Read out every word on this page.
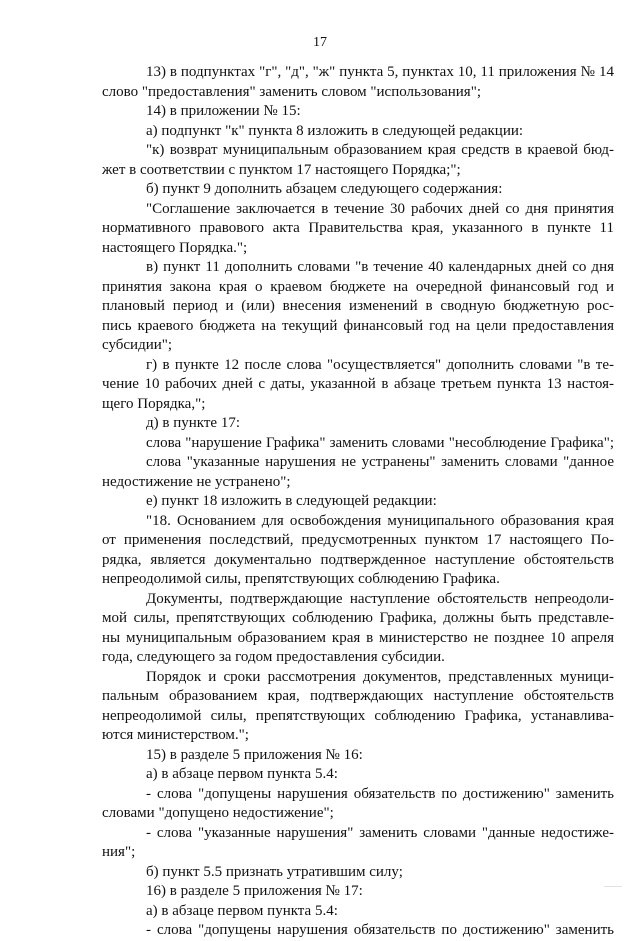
17
13) в подпунктах "г", "д", "ж" пункта 5, пунктах 10, 11 приложения № 14
слово "предоставления" заменить словом "использования";
14) в приложении № 15:
а) подпункт "к" пункта 8 изложить в следующей редакции:
"к) возврат муниципальным образованием края средств в краевой бюд-
жет в соответствии с пунктом 17 настоящего Порядка;";
б) пункт 9 дополнить абзацем следующего содержания:
"Соглашение заключается в течение 30 рабочих дней со дня принятия
нормативного правового акта Правительства края, указанного в пункте 11
настоящего Порядка.";
в) пункт 11 дополнить словами "в течение 40 календарных дней со дня
принятия закона края о краевом бюджете на очередной финансовый год и
плановый период и (или) внесения изменений в сводную бюджетную рос-
пись краевого бюджета на текущий финансовый год на цели предоставления
субсидии";
г) в пункте 12 после слова "осуществляется" дополнить словами "в те-
чение 10 рабочих дней с даты, указанной в абзаце третьем пункта 13 настоя-
щего Порядка,";
д) в пункте 17:
слова "нарушение Графика" заменить словами "несоблюдение Графика";
слова "указанные нарушения не устранены" заменить словами "данное
недостижение не устранено";
е) пункт 18 изложить в следующей редакции:
"18. Основанием для освобождения муниципального образования края
от применения последствий, предусмотренных пунктом 17 настоящего По-
рядка, является документально подтвержденное наступление обстоятельств
непреодолимой силы, препятствующих соблюдению Графика.
Документы, подтверждающие наступление обстоятельств непреодоли-
мой силы, препятствующих соблюдению Графика, должны быть представле-
ны муниципальным образованием края в министерство не позднее 10 апреля
года, следующего за годом предоставления субсидии.
Порядок и сроки рассмотрения документов, представленных муници-
пальным образованием края, подтверждающих наступление обстоятельств
непреодолимой силы, препятствующих соблюдению Графика, устанавлива-
ются министерством.";
15) в разделе 5 приложения № 16:
а) в абзаце первом пункта 5.4:
- слова "допущены нарушения обязательств по достижению" заменить
словами "допущено недостижение";
- слова "указанные нарушения" заменить словами "данные недостиже-
ния";
б) пункт 5.5 признать утратившим силу;
16) в разделе 5 приложения № 17:
а) в абзаце первом пункта 5.4:
- слова "допущены нарушения обязательств по достижению" заменить
